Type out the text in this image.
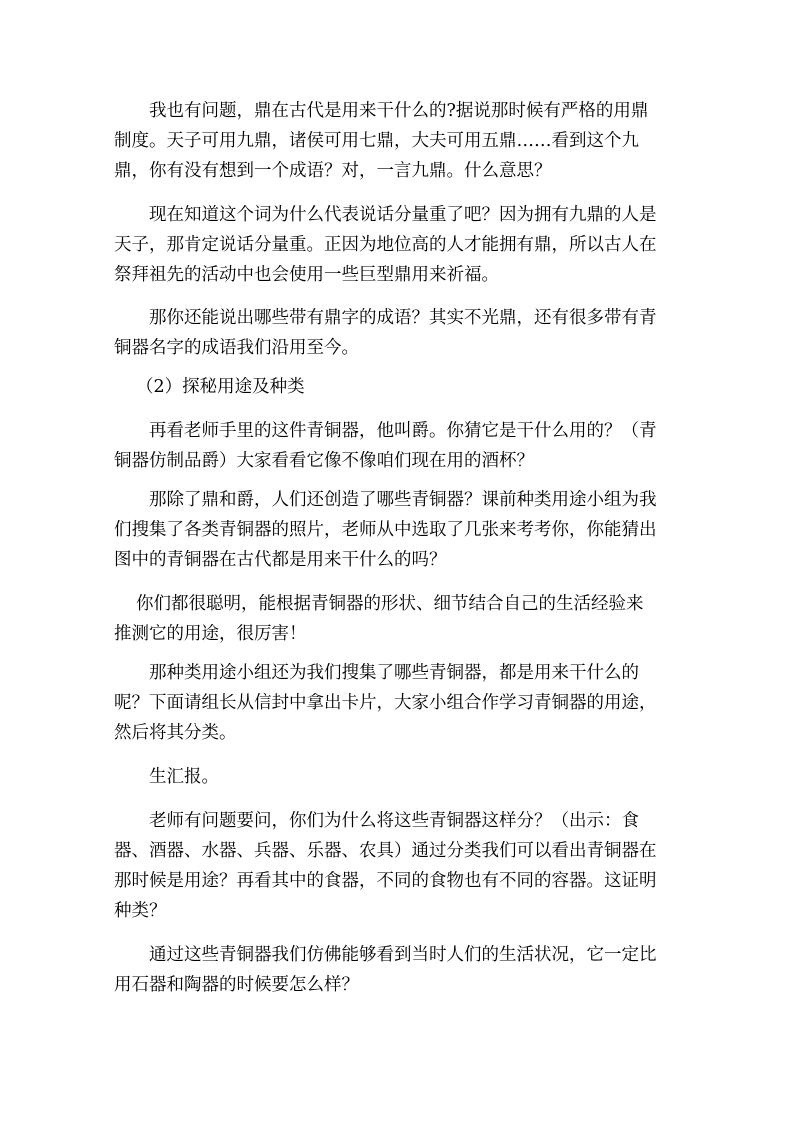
我也有问题，鼎在古代是用来干什么的?据说那时候有严格的用鼎
制度。天子可用九鼎，诸侯可用七鼎，大夫可用五鼎……看到这个九
鼎，你有没有想到一个成语？对，一言九鼎。什么意思？
现在知道这个词为什么代表说话分量重了吧？因为拥有九鼎的人是
天子，那肯定说话分量重。正因为地位高的人才能拥有鼎，所以古人在
祭拜祖先的活动中也会使用一些巨型鼎用来祈福。
那你还能说出哪些带有鼎字的成语？其实不光鼎，还有很多带有青
铜器名字的成语我们沿用至今。
（2）探秘用途及种类
再看老师手里的这件青铜器，他叫爵。你猜它是干什么用的？（青
铜器仿制品爵）大家看看它像不像咱们现在用的酒杯？
那除了鼎和爵，人们还创造了哪些青铜器？课前种类用途小组为我
们搜集了各类青铜器的照片，老师从中选取了几张来考考你，你能猜出
图中的青铜器在古代都是用来干什么的吗？
你们都很聪明，能根据青铜器的形状、细节结合自己的生活经验来
推测它的用途，很厉害！
那种类用途小组还为我们搜集了哪些青铜器，都是用来干什么的
呢？下面请组长从信封中拿出卡片，大家小组合作学习青铜器的用途，
然后将其分类。
生汇报。
老师有问题要问，你们为什么将这些青铜器这样分？（出示：食
器、酒器、水器、兵器、乐器、农具）通过分类我们可以看出青铜器在
那时候是用途？再看其中的食器，不同的食物也有不同的容器。这证明
种类？
通过这些青铜器我们仿佛能够看到当时人们的生活状况，它一定比
用石器和陶器的时候要怎么样？
